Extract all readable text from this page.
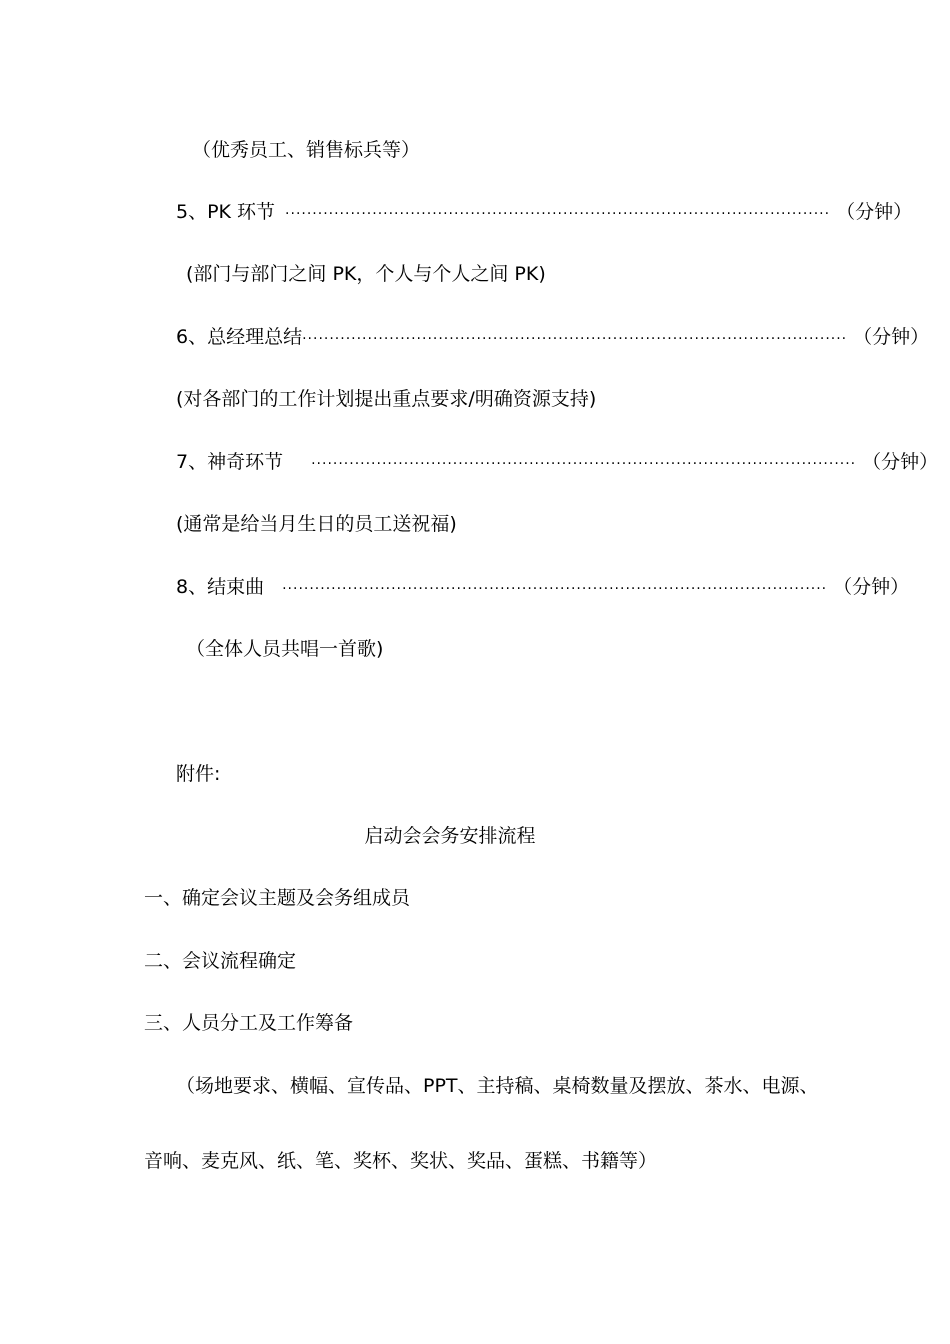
（优秀员工、销售标兵等）
5、PK 环节 ···································································································· （分钟）
(部门与部门之间 PK，个人与个人之间 PK)
6、总经理总结 ···································································································· （分钟）
(对各部门的工作计划提出重点要求/明确资源支持)
7、神奇环节 ···································································································· （分钟）
(通常是给当月生日的员工送祝福)
8、结束曲 ···································································································· （分钟）
（全体人员共唱一首歌)
附件:
启动会会务安排流程
一、确定会议主题及会务组成员
二、会议流程确定
三、人员分工及工作筹备
（场地要求、横幅、宣传品、PPT、主持稿、桌椅数量及摆放、茶水、电源、
音响、麦克风、纸、笔、奖杯、奖状、奖品、蛋糕、书籍等）
